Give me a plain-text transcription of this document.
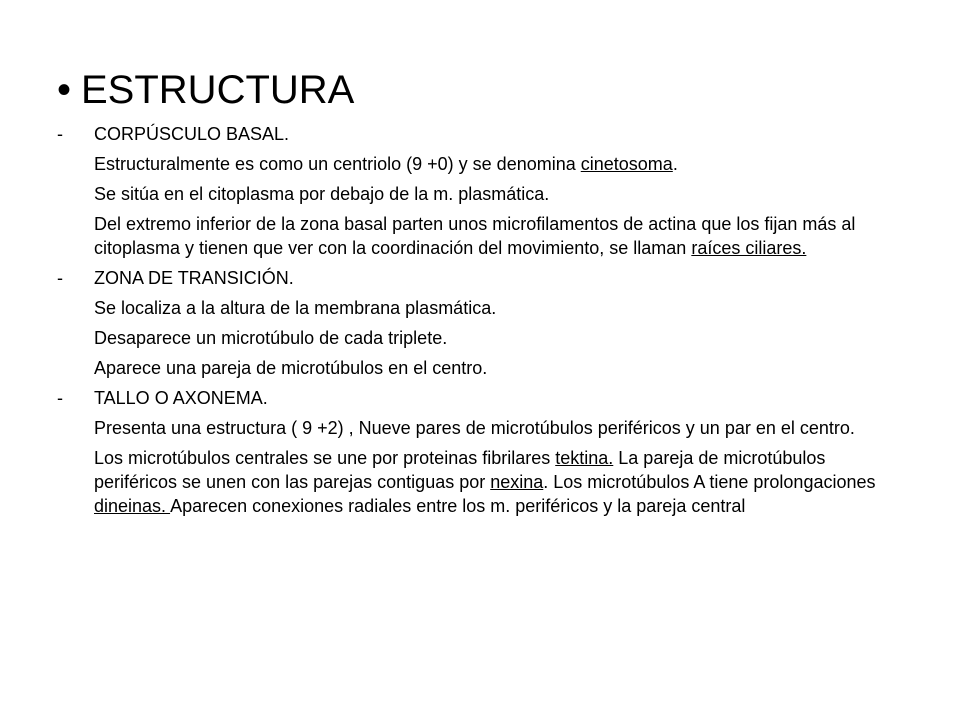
• ESTRUCTURA
-	CORPÚSCULO BASAL.
Estructuralmente es como un centriolo (9 +0) y se denomina cinetosoma.
Se sitúa en el citoplasma por debajo de la m. plasmática.
Del extremo inferior de la zona basal parten unos microfilamentos de actina que los fijan más al citoplasma y tienen que ver con la coordinación del movimiento, se llaman raíces ciliares.
-	ZONA DE TRANSICIÓN.
Se localiza a la altura de la membrana plasmática.
Desaparece un microtúbulo de cada triplete.
Aparece una pareja de microtúbulos en el centro.
-	TALLO O AXONEMA.
Presenta una estructura ( 9 +2) , Nueve pares de microtúbulos periféricos y un par en el centro.
Los microtúbulos centrales se une por proteinas fibrilares tektina. La pareja de microtúbulos periféricos se unen con las parejas contiguas por nexina. Los microtúbulos A tiene prolongaciones dineinas. Aparecen conexiones radiales entre los m. periféricos y la pareja central
